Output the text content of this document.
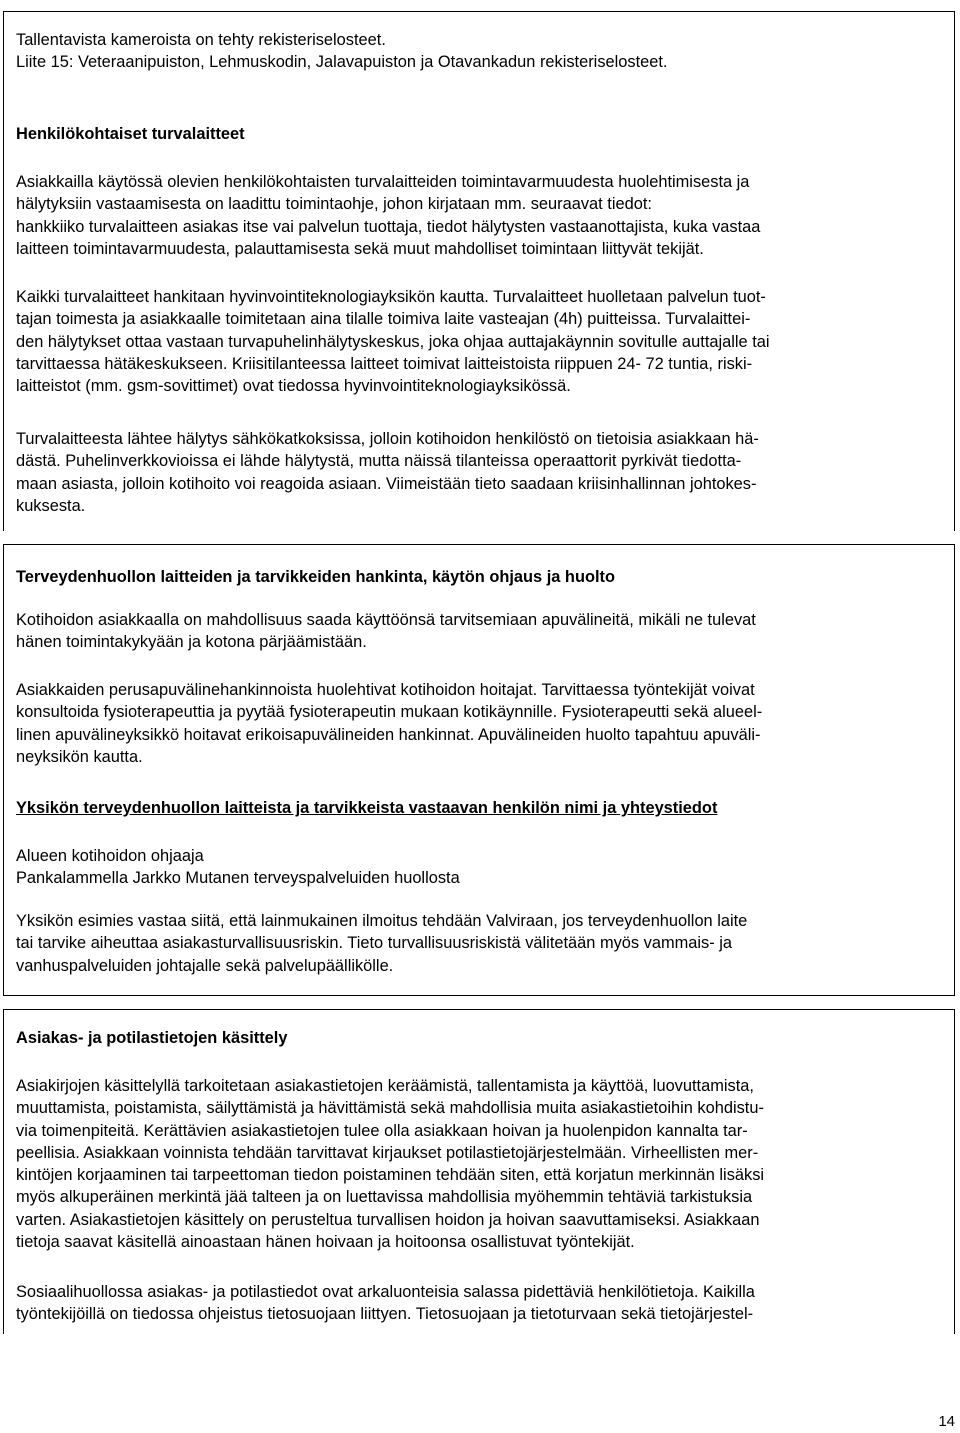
Tallentavista kameroista on tehty rekisteriselosteet.
Liite 15: Veteraanipuiston, Lehmuskodin, Jalavapuiston ja Otavankadun rekisteriselosteet.
Henkilökohtaiset turvalaitteet
Asiakkailla käytössä olevien henkilökohtaisten turvalaitteiden toimintavarmuudesta huolehtimisesta ja
hälytyksiin vastaamisesta on laadittu toimintaohje, johon kirjataan mm. seuraavat tiedot:
hankkiiko turvalaitteen asiakas itse vai palvelun tuottaja, tiedot hälytysten vastaanottajista, kuka vastaa
laitteen toimintavarmuudesta, palauttamisesta sekä muut mahdolliset toimintaan liittyvät tekijät.
Kaikki turvalaitteet hankitaan hyvinvointiteknologiayksikön kautta. Turvalaitteet huolletaan palvelun tuot-
tajan toimesta ja asiakkaalle toimitetaan aina tilalle toimiva laite vasteajan (4h) puitteissa. Turvalaittei-
den hälytykset ottaa vastaan turvapuhelinhälytyskeskus, joka ohjaa auttajakäynnin sovitulle auttajalle tai
tarvittaessa hätäkeskukseen. Kriisitilanteessa laitteet toimivat laitteistoista riippuen 24- 72 tuntia, riski-
laitteistot (mm. gsm-sovittimet) ovat tiedossa hyvinvointiteknologiayksikössä.
Turvalaitteesta lähtee hälytys sähkökatkoksissa, jolloin kotihoidon henkilöstö on tietoisia asiakkaan hä-
dästä. Puhelinverkkovioissa ei lähde hälytystä, mutta näissä tilanteissa operaattorit pyrkivät tiedotta-
maan asiasta, jolloin kotihoito voi reagoida asiaan. Viimeistään tieto saadaan kriisinhallinnan johtokes-
kuksesta.
Terveydenhuollon laitteiden ja tarvikkeiden hankinta, käytön ohjaus ja huolto
Kotihoidon asiakkaalla on mahdollisuus saada käyttöönsä tarvitsemiaan apuvälineitä, mikäli ne tulevat
hänen toimintakykyään ja kotona pärjäämistään.
Asiakkaiden perusapuvälinehankinnoista huolehtivat kotihoidon hoitajat. Tarvittaessa työntekijät voivat
konsultoida fysioterapeuttia ja pyytää fysioterapeutin mukaan kotikäynnille. Fysioterapeutti sekä alueel-
linen apuvälineyksikkö hoitavat erikoisapuvälineiden hankinnat. Apuvälineiden huolto tapahtuu apuväli-
neyksikön kautta.
Yksikön terveydenhuollon laitteista ja tarvikkeista vastaavan henkilön nimi ja yhteystiedot
Alueen kotihoidon ohjaaja
Pankalammella Jarkko Mutanen terveyspalveluiden huollosta
Yksikön esimies vastaa siitä, että lainmukainen ilmoitus tehdään Valviraan, jos terveydenhuollon laite
tai tarvike aiheuttaa asiakasturvallisuusriskin. Tieto turvallisuusriskistä välitetään myös vammais- ja
vanhuspalveluiden johtajalle sekä palvelupäällikölle.
Asiakas- ja potilastietojen käsittely
Asiakirjojen käsittelyllä tarkoitetaan asiakastietojen keräämistä, tallentamista ja käyttöä, luovuttamista,
muuttamista, poistamista, säilyttämistä ja hävittämistä sekä mahdollisia muita asiakastietoihin kohdistu-
via toimenpiteitä. Kerättävien asiakastietojen tulee olla asiakkaan hoivan ja huolenpidon kannalta tar-
peellisia. Asiakkaan voinnista tehdään tarvittavat kirjaukset potilastietojärjestelmään. Virheellisten mer-
kintöjen korjaaminen tai tarpeettoman tiedon poistaminen tehdään siten, että korjatun merkinnän lisäksi
myös alkuperäinen merkintä jää talteen ja on luettavissa mahdollisia myöhemmin tehtäviä tarkistuksia
varten. Asiakastietojen käsittely on perusteltua turvallisen hoidon ja hoivan saavuttamiseksi. Asiakkaan
tietoja saavat käsitellä ainoastaan hänen hoivaan ja hoitoonsa osallistuvat työntekijät.
Sosiaalihuollossa asiakas- ja potilastiedot ovat arkaluonteisia salassa pidettäviä henkilötietoja. Kaikilla
työntekijöillä on tiedossa ohjeistus tietosuojaan liittyen. Tietosuojaan ja tietoturvaan sekä tietojärjestel-
14
